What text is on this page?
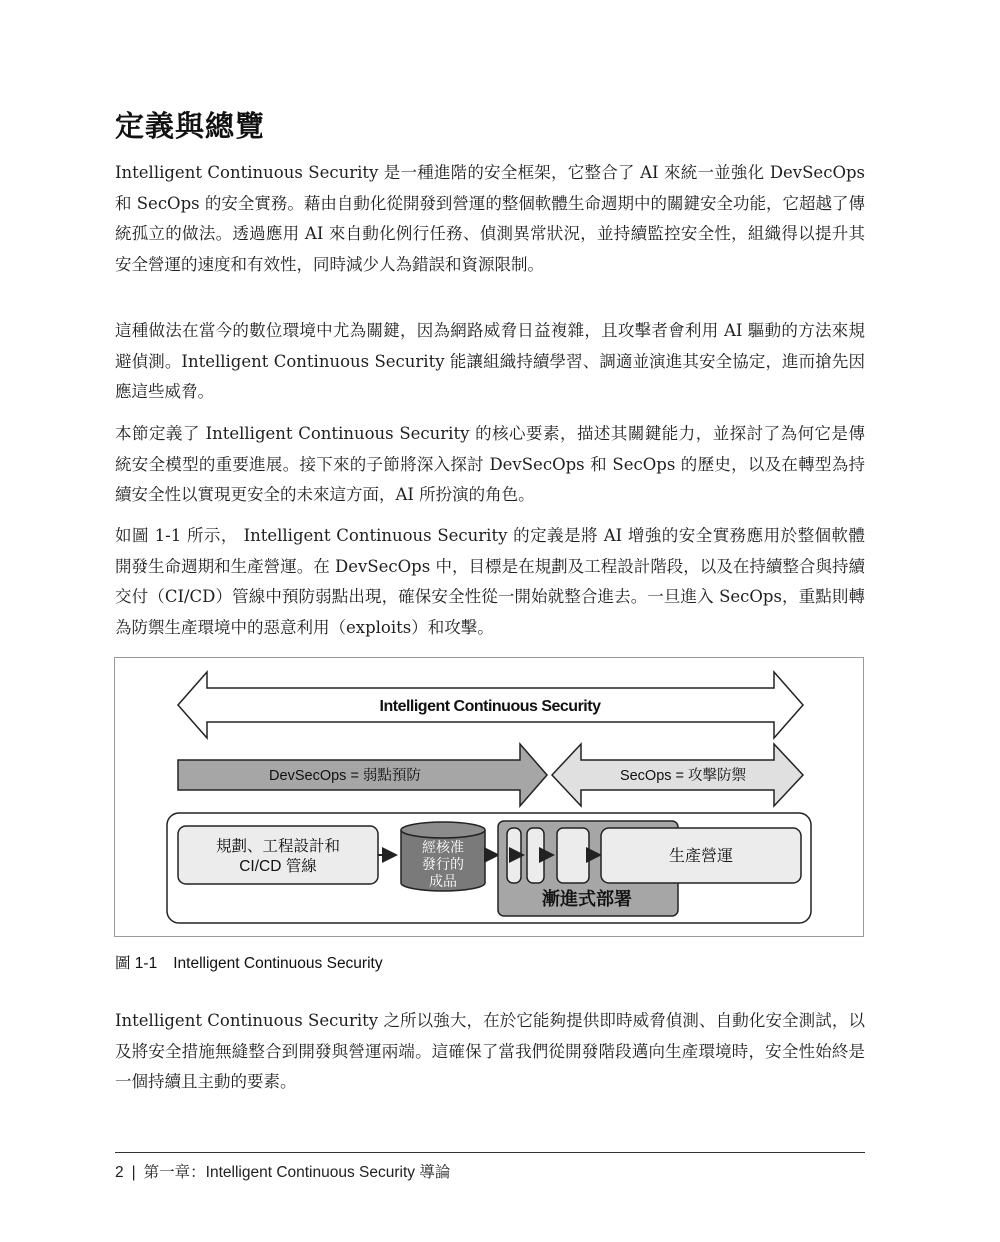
定義與總覽

Intelligent Continuous Security 是一種進階的安全框架，它整合了 AI 來統一並強化 DevSecOps 和 SecOps 的安全實務。藉由自動化從開發到營運的整個軟體生命週期中的關鍵安全功能，它超越了傳統孤立的做法。透過應用 AI 來自動化例行任務、偵測異常狀況，並持續監控安全性，組織得以提升其安全營運的速度和有效性，同時減少人為錯誤和資源限制。

這種做法在當今的數位環境中尤為關鍵，因為網路威脅日益複雜，且攻擊者會利用 AI 驅動的方法來規避偵測。Intelligent Continuous Security 能讓組織持續學習、調適並演進其安全協定，進而搶先因應這些威脅。

本節定義了 Intelligent Continuous Security 的核心要素，描述其關鍵能力，並探討了為何它是傳統安全模型的重要進展。接下來的子節將深入探討 DevSecOps 和 SecOps 的歷史，以及在轉型為持續安全性以實現更安全的未來這方面，AI 所扮演的角色。

如圖 1-1 所示， Intelligent Continuous Security 的定義是將 AI 增強的安全實務應用於整個軟體開發生命週期和生產營運。在 DevSecOps 中，目標是在規劃及工程設計階段，以及在持續整合與持續交付（CI/CD）管線中預防弱點出現，確保安全性從一開始就整合進去。一旦進入 SecOps，重點則轉為防禦生產環境中的惡意利用（exploits）和攻擊。

Intelligent Continuous Security
DevSecOps = 弱點預防	SecOps = 攻擊防禦
規劃、工程設計和
CI/CD 管線
經核准
發行的
成品
漸進式部署
生產營運
圖 1-1 Intelligent Continuous Security

Intelligent Continuous Security 之所以強大，在於它能夠提供即時威脅偵測、自動化安全測試，以及將安全措施無縫整合到開發與營運兩端。這確保了當我們從開發階段邁向生產環境時，安全性始終是一個持續且主動的要素。

2 | 第一章：Intelligent Continuous Security 導論
